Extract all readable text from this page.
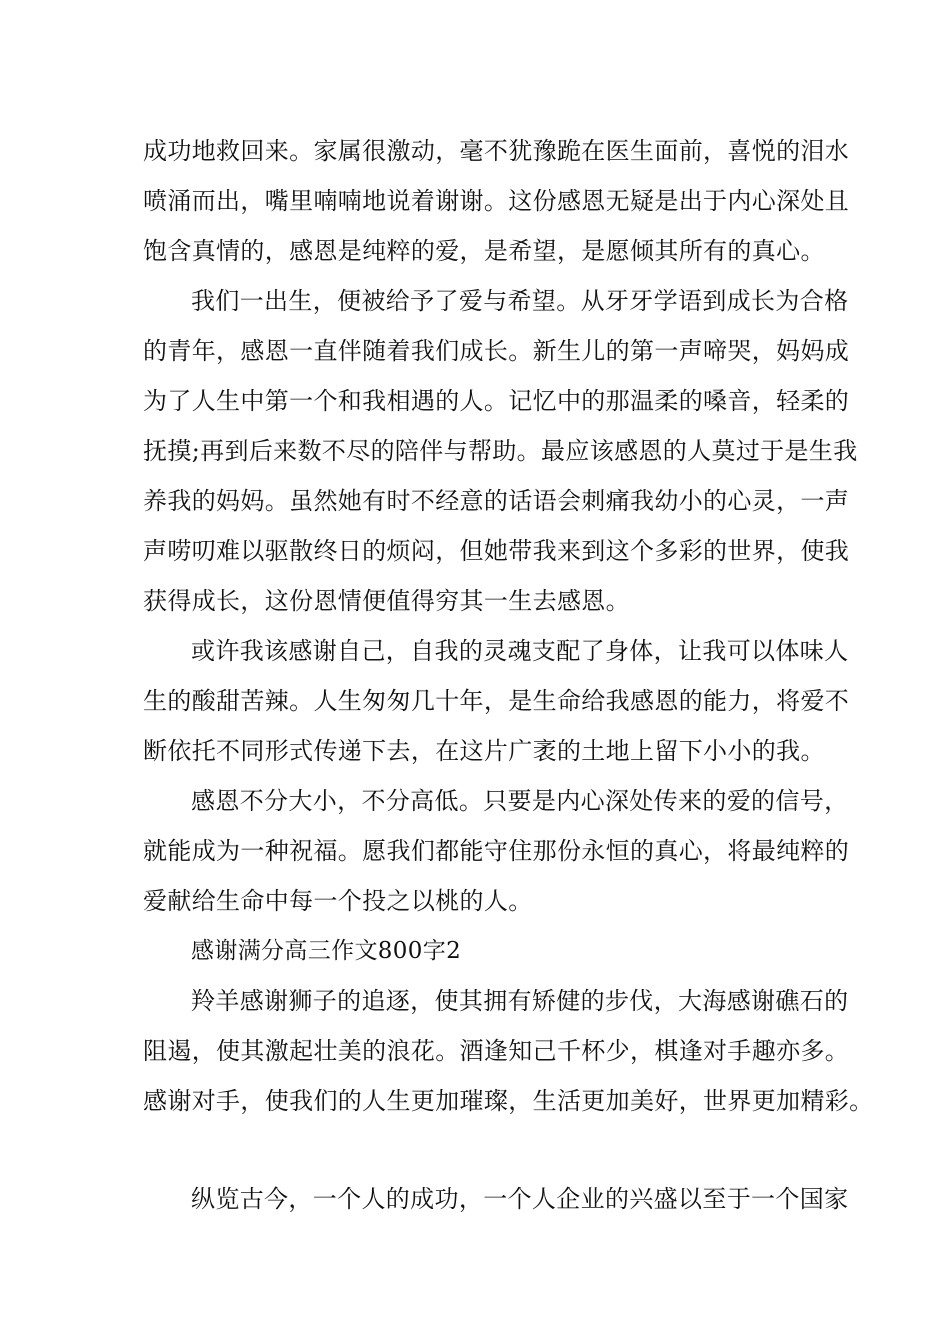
成功地救回来。家属很激动，毫不犹豫跪在医生面前，喜悦的泪水
喷涌而出，嘴里喃喃地说着谢谢。这份感恩无疑是出于内心深处且
饱含真情的，感恩是纯粹的爱，是希望，是愿倾其所有的真心。
我们一出生，便被给予了爱与希望。从牙牙学语到成长为合格
的青年，感恩一直伴随着我们成长。新生儿的第一声啼哭，妈妈成
为了人生中第一个和我相遇的人。记忆中的那温柔的嗓音，轻柔的
抚摸;再到后来数不尽的陪伴与帮助。最应该感恩的人莫过于是生我
养我的妈妈。虽然她有时不经意的话语会刺痛我幼小的心灵，一声
声唠叨难以驱散终日的烦闷，但她带我来到这个多彩的世界，使我
获得成长，这份恩情便值得穷其一生去感恩。
或许我该感谢自己，自我的灵魂支配了身体，让我可以体味人
生的酸甜苦辣。人生匆匆几十年，是生命给我感恩的能力，将爱不
断依托不同形式传递下去，在这片广袤的土地上留下小小的我。
感恩不分大小，不分高低。只要是内心深处传来的爱的信号，
就能成为一种祝福。愿我们都能守住那份永恒的真心，将最纯粹的
爱献给生命中每一个投之以桃的人。
感谢满分高三作文800字2
羚羊感谢狮子的追逐，使其拥有矫健的步伐，大海感谢礁石的
阻遏，使其激起壮美的浪花。酒逢知己千杯少，棋逢对手趣亦多。
感谢对手，使我们的人生更加璀璨，生活更加美好，世界更加精彩。
纵览古今，一个人的成功，一个人企业的兴盛以至于一个国家
